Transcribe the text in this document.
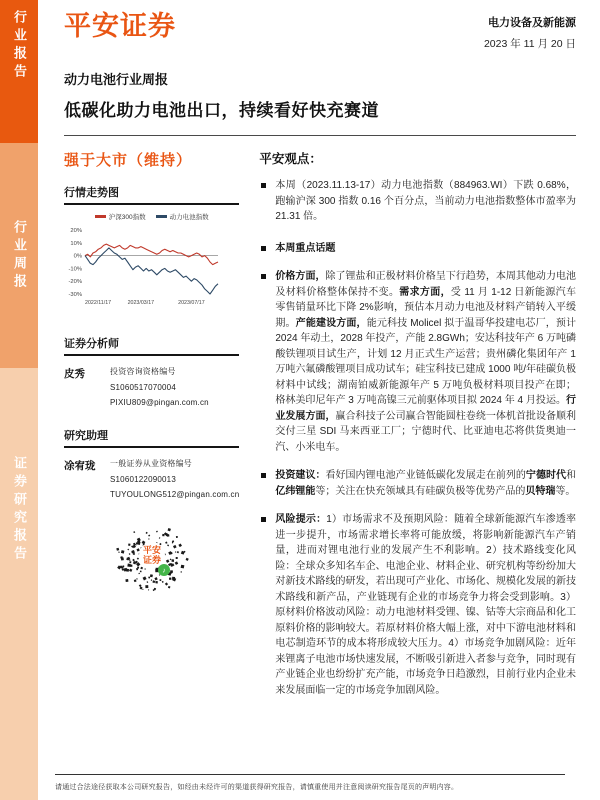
行业报告
行业周报
证券研究报告
平安证券	电力设备及新能源
2023 年 11 月 20 日
动力电池行业周报
低碳化助力电池出口，持续看好快充赛道
强于大市（维持）
行情走势图
沪深300指数	动力电池指数
20%
10%
0%
-10%
-20%
-30%
2022/11/17	2023/03/17	2023/07/17
证券分析师
皮秀	投资咨询资格编号
S1060517070004
PIXIU809@pingan.com.cn
研究助理
凃宥珑	一般证券从业资格编号
S1060122090013
TUYOULONG512@pingan.com.cn
平安
证券
♪
平安观点：

本周（2023.11.13-17）动力电池指数（884963.WI）下跌 0.68%，跑输沪深 300 指数 0.16 个百分点，当前动力电池指数整体市盈率为 21.31 倍。

本周重点话题

价格方面，除了锂盐和正极材料价格呈下行趋势，本周其他动力电池及材料价格整体保持不变。需求方面，受 11 月 1-12 日新能源汽车零售销量环比下降 2%影响，预估本月动力电池及材料产销转入平缓期。产能建设方面，能元科技 Molicel 拟于温哥华投建电芯厂，预计 2024 年动土，2028 年投产，产能 2.8GWh；安达科技年产 6 万吨磷酸铁锂项目试生产，计划 12 月正式生产运营；贵州磷化集团年产 1 万吨六氟磷酸锂项目成功试车；硅宝科技已建成 1000 吨/年硅碳负极材料中试线；湖南铂威新能源年产 5 万吨负极材料项目投产在即；格林美印尼年产 3 万吨高镍三元前驱体项目拟 2024 年 4 月投运。行业发展方面，赢合科技子公司赢合智能圆柱卷绕一体机首批设备顺利交付三星 SDI 马来西亚工厂；宁德时代、比亚迪电芯将供货奥迪一汽、小米电车。

投资建议：看好国内锂电池产业链低碳化发展走在前列的宁德时代和亿纬锂能等；关注在快充领域具有硅碳负极等优势产品的贝特瑞等。

风险提示：1）市场需求不及预期风险：随着全球新能源汽车渗透率进一步提升，市场需求增长率将可能放缓，将影响新能源汽车产销量，进而对锂电池行业的发展产生不利影响。2）技术路线变化风险：全球众多知名车企、电池企业、材料企业、研究机构等纷纷加大对新技术路线的研发，若出现可产业化、市场化、规模化发展的新技术路线和新产品，产业链现有企业的市场竞争力将会受到影响。3）原材料价格波动风险：动力电池材料受锂、镍、钴等大宗商品和化工原料价格的影响较大。若原材料价格大幅上涨，对中下游电池材料和电芯制造环节的成本将形成较大压力。4）市场竞争加剧风险：近年来锂离子电池市场快速发展，不断吸引新进入者参与竞争，同时现有产业链企业也纷纷扩充产能，市场竞争日趋激烈，目前行业内企业未来发展面临一定的市场竞争加剧风险。

请通过合法途径获取本公司研究报告，如经由未经许可的渠道获得研究报告，请慎重使用并注意阅读研究报告尾页的声明内容。
